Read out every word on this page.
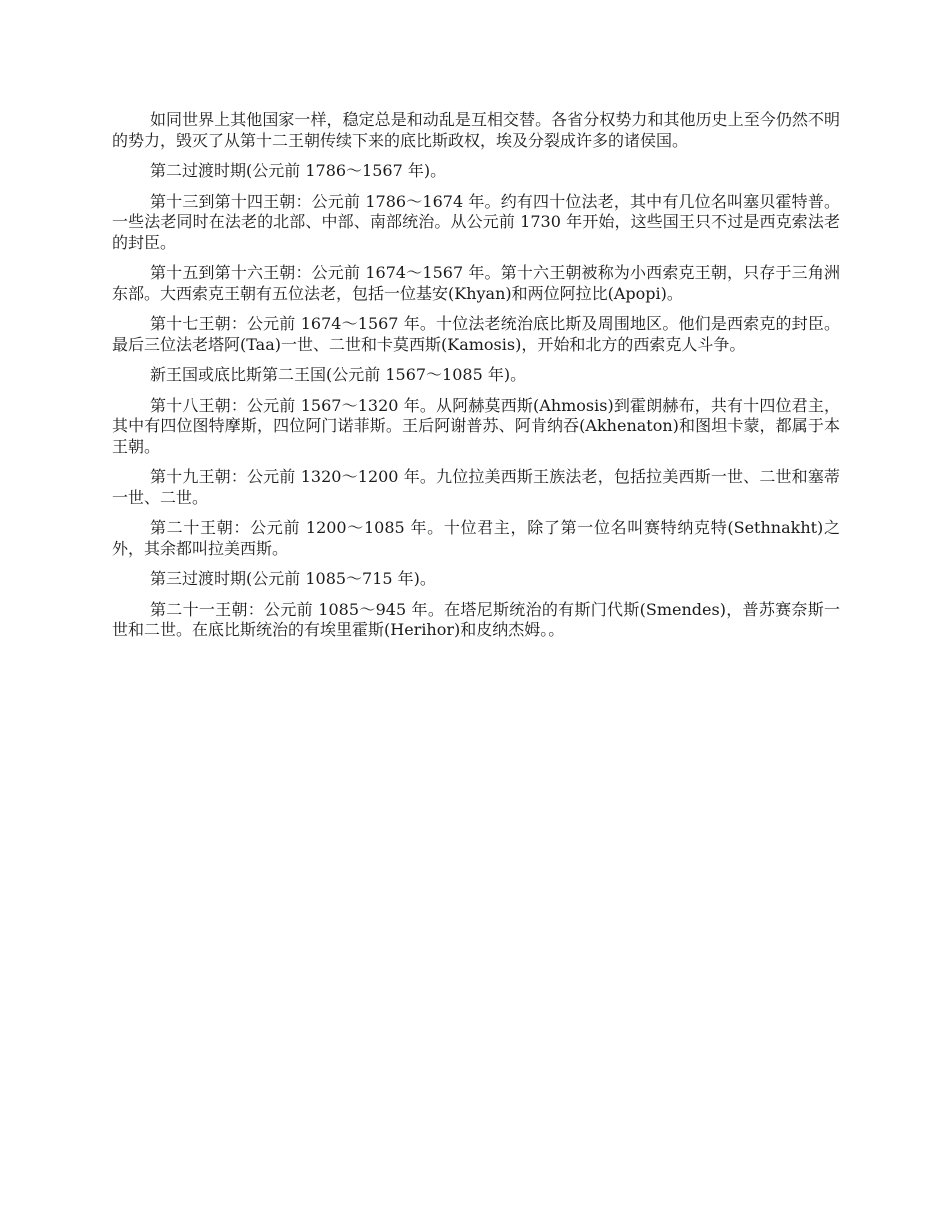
如同世界上其他国家一样，稳定总是和动乱是互相交替。各省分权势力和其他历史上至今仍然不明的势力，毁灭了从第十二王朝传续下来的底比斯政权，埃及分裂成许多的诸侯国。

第二过渡时期(公元前 1786～1567 年)。

第十三到第十四王朝：公元前 1786～1674 年。约有四十位法老，其中有几位名叫塞贝霍特普。一些法老同时在法老的北部、中部、南部统治。从公元前 1730 年开始，这些国王只不过是西克索法老的封臣。

第十五到第十六王朝：公元前 1674～1567 年。第十六王朝被称为小西索克王朝，只存于三角洲东部。大西索克王朝有五位法老，包括一位基安(Khyan)和两位阿拉比(Apopi)。

第十七王朝：公元前 1674～1567 年。十位法老统治底比斯及周围地区。他们是西索克的封臣。最后三位法老塔阿(Taa)一世、二世和卡莫西斯(Kamosis)，开始和北方的西索克人斗争。

新王国或底比斯第二王国(公元前 1567～1085 年)。

第十八王朝：公元前 1567～1320 年。从阿赫莫西斯(Ahmosis)到霍朗赫布，共有十四位君主，其中有四位图特摩斯，四位阿门诺菲斯。王后阿谢普苏、阿肯纳吞(Akhenaton)和图坦卡蒙，都属于本王朝。

第十九王朝：公元前 1320～1200 年。九位拉美西斯王族法老，包括拉美西斯一世、二世和塞蒂一世、二世。

第二十王朝：公元前 1200～1085 年。十位君主，除了第一位名叫赛特纳克特(Sethnakht)之外，其余都叫拉美西斯。

第三过渡时期(公元前 1085～715 年)。

第二十一王朝：公元前 1085～945 年。在塔尼斯统治的有斯门代斯(Smendes)，普苏赛奈斯一世和二世。在底比斯统治的有埃里霍斯(Herihor)和皮纳杰姆。。
